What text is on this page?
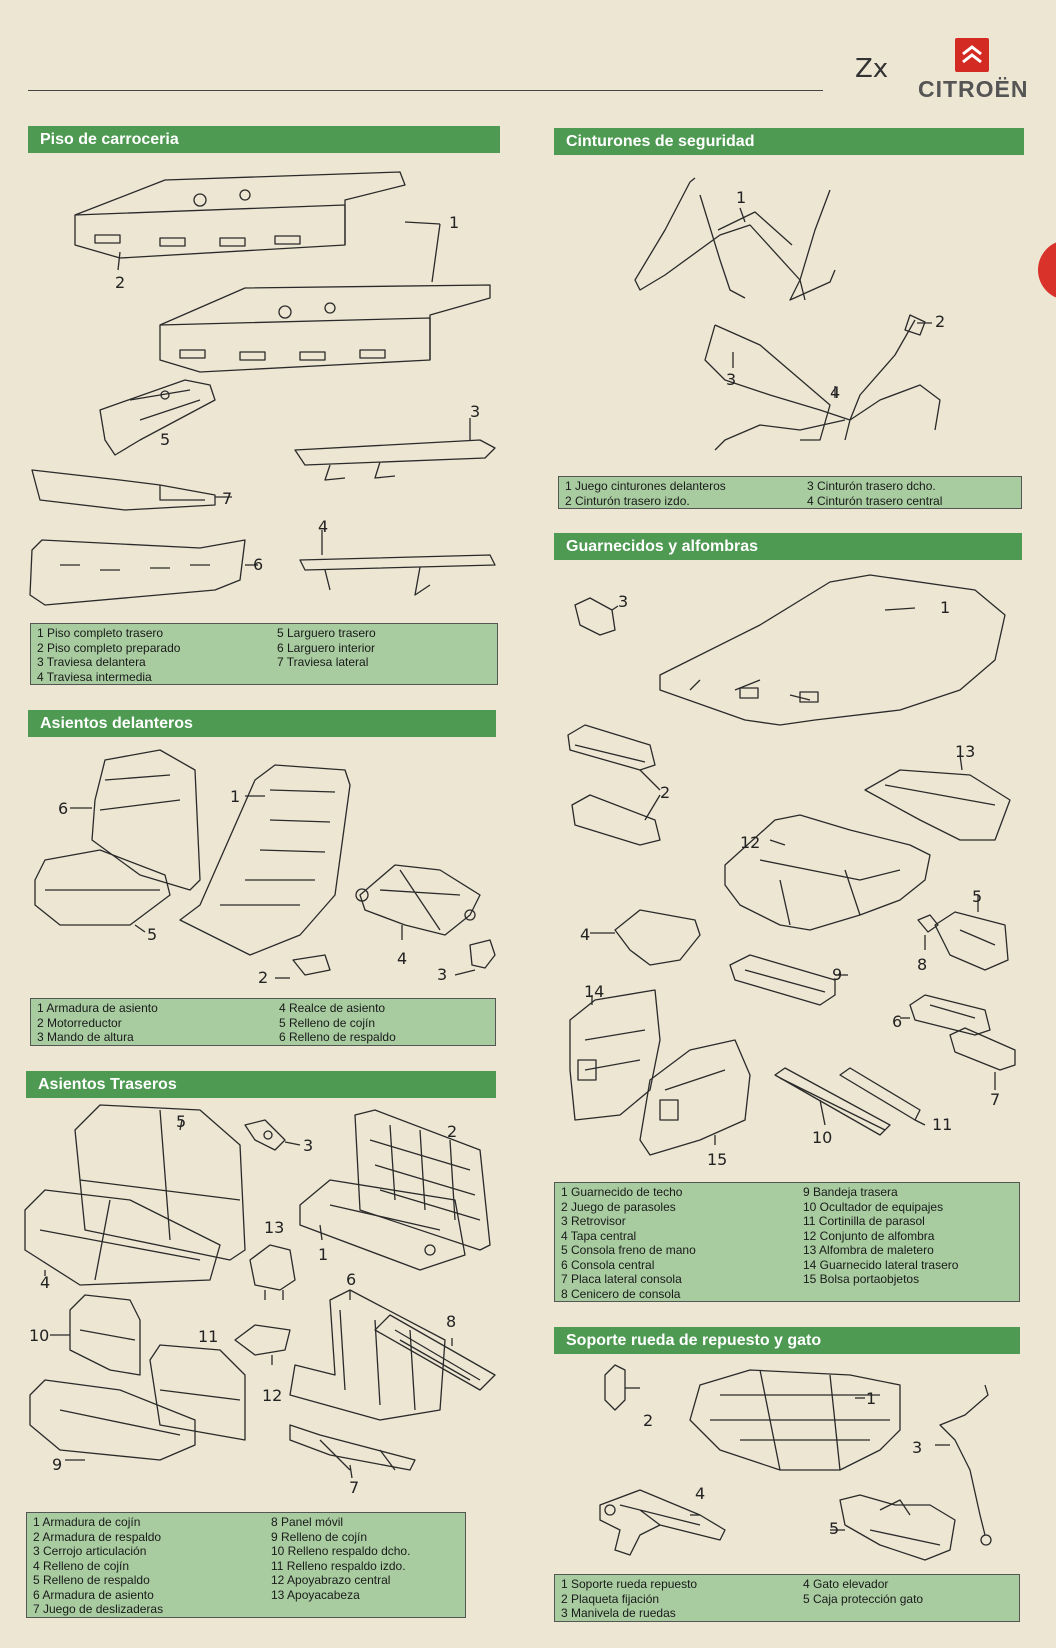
Zx
CITROËN
Piso de carroceria	Cinturones de seguridad
Asientos delanteros
Guarnecidos y alfombras
Asientos Traseros
Soporte rueda de repuesto y gato
1 Piso completo trasero
2 Piso completo preparado
3 Traviesa delantera
4 Traviesa intermedia
5 Larguero trasero
6 Larguero interior
7 Traviesa lateral
1 Juego cinturones delanteros
2 Cinturón trasero izdo.
3 Cinturón trasero dcho.
4 Cinturón trasero central
1 Armadura de asiento
2 Motorreductor
3 Mando de altura
4 Realce de asiento
5 Relleno de cojín
6 Relleno de respaldo
1 Guarnecido de techo
2 Juego de parasoles
3 Retrovisor
4 Tapa central
5 Consola freno de mano
6 Consola central
7 Placa lateral consola
8 Cenicero de consola
9 Bandeja trasera
10 Ocultador de equipajes
11 Cortinilla de parasol
12 Conjunto de alfombra
13 Alfombra de maletero
14 Guarnecido lateral trasero
15 Bolsa portaobjetos
1 Armadura de cojín
2 Armadura de respaldo
3 Cerrojo articulación
4 Relleno de cojín
5 Relleno de respaldo
6 Armadura de asiento
7 Juego de deslizaderas
8 Panel móvil
9 Relleno de cojín
10 Relleno respaldo dcho.
11 Relleno respaldo izdo.
12 Apoyabrazo central
13 Apoyacabeza
1 Soporte rueda repuesto
2 Plaqueta fijación
3 Manivela de ruedas
4 Gato elevador
5 Caja protección gato
1
2
3
4
5
6
7
1
2
3
4
1
2	3
4
5
6
1
2
3
4
5
6
7
8
9
10
11
12
13
14
15
1
2
3
4
5
6
7
8
9
10	11
12
13
1
2
3
4
5
